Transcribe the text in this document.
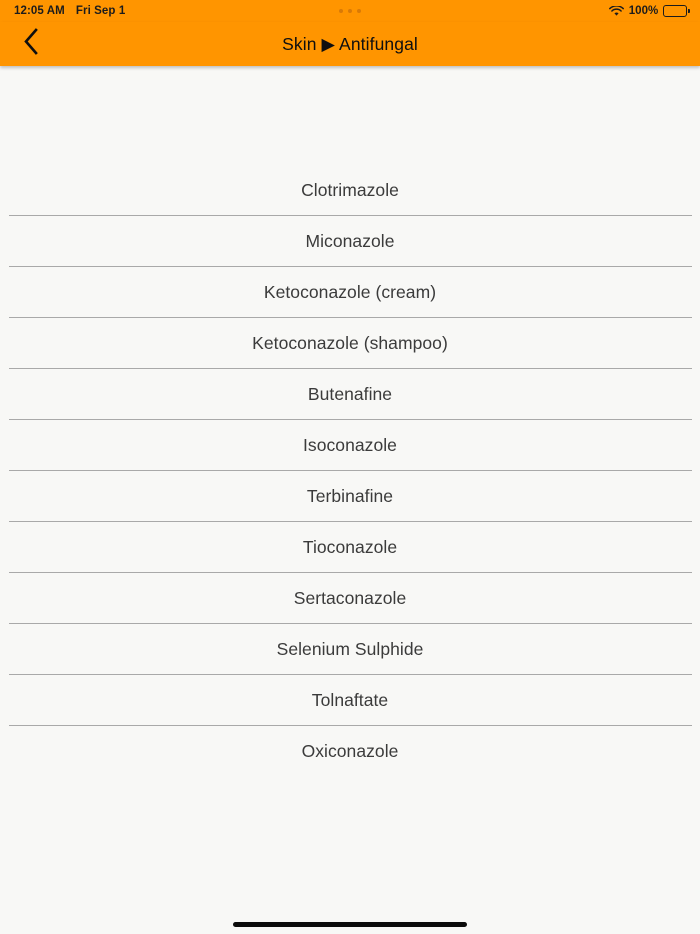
12:05 AM Fri Sep 1	100%
Skin ▶ Antifungal
Clotrimazole
Miconazole
Ketoconazole (cream)
Ketoconazole (shampoo)
Butenafine
Isoconazole
Terbinafine
Tioconazole
Sertaconazole
Selenium Sulphide
Tolnaftate
Oxiconazole
